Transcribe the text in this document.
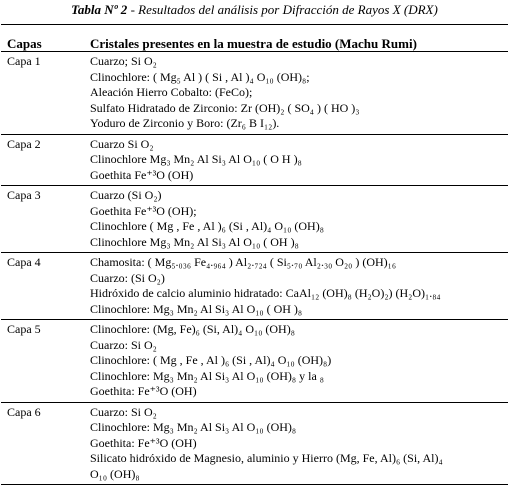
Tabla Nº 2 - Resultados del análisis por Difracción de Rayos X (DRX)
Capas	Cristales presentes en la muestra de estudio (Machu Rumi)
Capa 1	Cuarzo; Si O₂
Clinochlore: ( Mg₅ Al ) ( Si , Al )₄ O₁₀ (OH)₈;
Aleación Hierro Cobalto: (FeCo);
Sulfato Hidratado de Zirconio: Zr (OH)₂ ( SO₄ ) ( HO )₃
Yoduro de Zirconio y Boro: (Zr₆ B I₁₂).

Capa 2	Cuarzo Si O₂
Clinochlore Mg₃ Mn₂ Al Si₃ Al O₁₀ ( O H )₈
Goethita Fe⁺³O (OH)

Capa 3	Cuarzo (Si O₂)
Goethita Fe⁺³O (OH);
Clinochlore ( Mg , Fe , Al )₆ (Si , Al)₄ O₁₀ (OH)₈
Clinochlore Mg₃ Mn₂ Al Si₃ Al O₁₀ ( OH )₈

Capa 4	Chamosita: ( Mg₅.₀₃₆ Fe₄.₉₆₄ ) Al₂.₇₂₄ ( Si₅.₇₀ Al₂.₃₀ O₂₀ ) (OH)₁₆
Cuarzo: (Si O₂)
Hidróxido de calcio aluminio hidratado: CaAl₁₂ (OH)₈ (H₂O)₂) (H₂O)₁.₈₄
Clinochlore: Mg₃ Mn₂ Al Si₃ Al O₁₀ ( OH )₈

Capa 5	Clinochlore: (Mg, Fe)₆ (Si, Al)₄ O₁₀ (OH)₈
Cuarzo: Si O₂
Clinochlore: ( Mg , Fe , Al )₆ (Si , Al)₄ O₁₀ (OH)₈)
Clinochlore: Mg₃ Mn₂ Al Si₃ Al O₁₀ (OH)₈ y la ₈
Goethita: Fe⁺³O (OH)

Capa 6	Cuarzo: Si O₂
Clinochlore: Mg₃ Mn₂ Al Si₃ Al O₁₀ (OH)₈
Goethita: Fe⁺³O (OH)
Silicato hidróxido de Magnesio, aluminio y Hierro (Mg, Fe, Al)₆ (Si, Al)₄
O₁₀ (OH)₈
